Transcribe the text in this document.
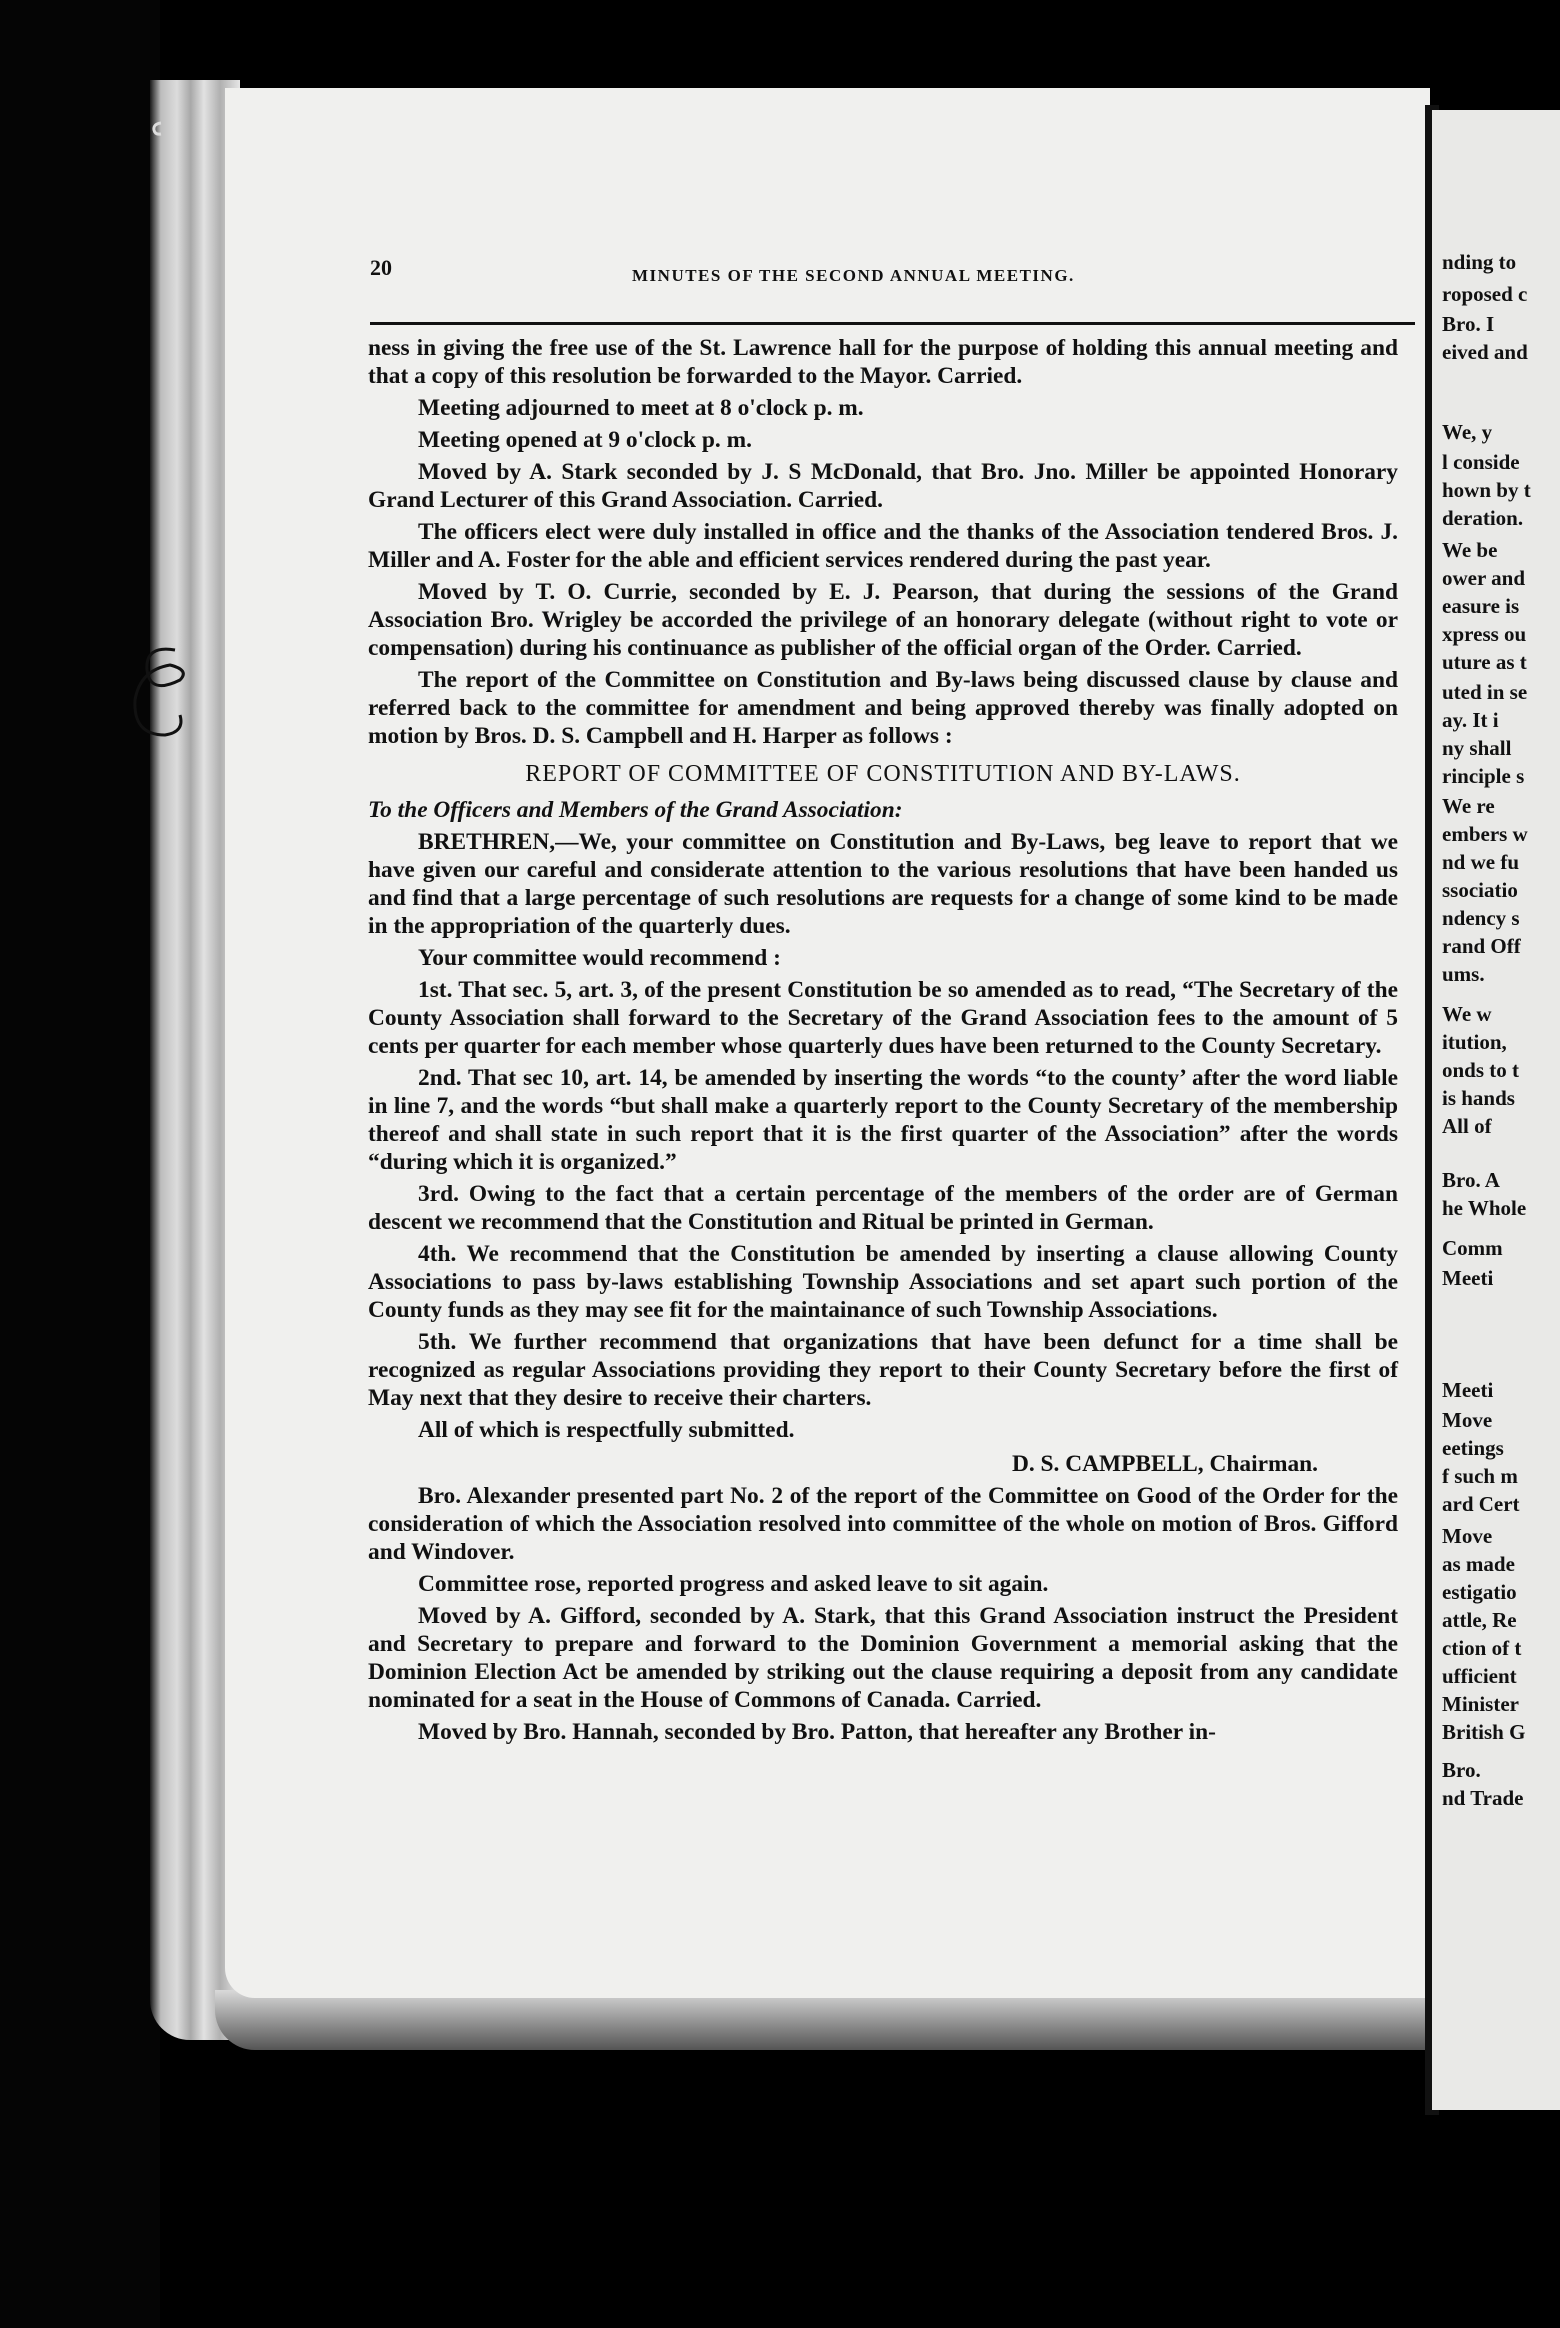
20	MINUTES OF THE SECOND ANNUAL MEETING.

ness in giving the free use of the St. Lawrence hall for the purpose of holding this annual meeting and that a copy of this resolution be forwarded to the Mayor. Carried.

Meeting adjourned to meet at 8 o'clock p. m.

Meeting opened at 9 o'clock p. m.

Moved by A. Stark seconded by J. S McDonald, that Bro. Jno. Miller be appointed Honorary Grand Lecturer of this Grand Association. Carried.

The officers elect were duly installed in office and the thanks of the Association tendered Bros. J. Miller and A. Foster for the able and efficient services rendered during the past year.

Moved by T. O. Currie, seconded by E. J. Pearson, that during the sessions of the Grand Association Bro. Wrigley be accorded the privilege of an honorary delegate (without right to vote or compensation) during his continuance as publisher of the official organ of the Order. Carried.

The report of the Committee on Constitution and By-laws being discussed clause by clause and referred back to the committee for amendment and being approved thereby was finally adopted on motion by Bros. D. S. Campbell and H. Harper as follows :

REPORT OF COMMITTEE OF CONSTITUTION AND BY-LAWS.

To the Officers and Members of the Grand Association:

BRETHREN,—We, your committee on Constitution and By-Laws, beg leave to report that we have given our careful and considerate attention to the various resolutions that have been handed us and find that a large percentage of such resolutions are requests for a change of some kind to be made in the appropriation of the quarterly dues.

Your committee would recommend :

1st. That sec. 5, art. 3, of the present Constitution be so amended as to read, “The Secretary of the County Association shall forward to the Secretary of the Grand Association fees to the amount of 5 cents per quarter for each member whose quarterly dues have been returned to the County Secretary.

2nd. That sec 10, art. 14, be amended by inserting the words “to the county’ after the word liable in line 7, and the words “but shall make a quarterly report to the County Secretary of the membership thereof and shall state in such report that it is the first quarter of the Association” after the words “during which it is organized.”

3rd. Owing to the fact that a certain percentage of the members of the order are of German descent we recommend that the Constitution and Ritual be printed in German.

4th. We recommend that the Constitution be amended by inserting a clause allowing County Associations to pass by-laws establishing Township Associations and set apart such portion of the County funds as they may see fit for the maintainance of such Township Associations.

5th. We further recommend that organizations that have been defunct for a time shall be recognized as regular Associations providing they report to their County Secretary before the first of May next that they desire to receive their charters.

All of which is respectfully submitted.

D. S. CAMPBELL, Chairman.

Bro. Alexander presented part No. 2 of the report of the Committee on Good of the Order for the consideration of which the Association resolved into committee of the whole on motion of Bros. Gifford and Windover.

Committee rose, reported progress and asked leave to sit again.

Moved by A. Gifford, seconded by A. Stark, that this Grand Association instruct the President and Secretary to prepare and forward to the Dominion Government a memorial asking that the Dominion Election Act be amended by striking out the clause requiring a deposit from any candidate nominated for a seat in the House of Commons of Canada. Carried.

Moved by Bro. Hannah, seconded by Bro. Patton, that hereafter any Brother in-

nding to
roposed c
Bro. I
eived and
We, y
l conside
hown by t
deration.
We be
ower and
easure is
xpress ou
uture as t
uted in se
ay. It i
ny shall
rinciple s
We re
embers w
nd we fu
ssociatio
ndency s
rand Off
ums.
We w
itution,
onds to t
is hands
All of
Bro. A
he Whole
Comm
Meeti
Meeti
Move
eetings
f such m
ard Cert
Move
as made
estigatio
attle, Re
ction of t
ufficient
Minister
British G
Bro.
nd Trade
